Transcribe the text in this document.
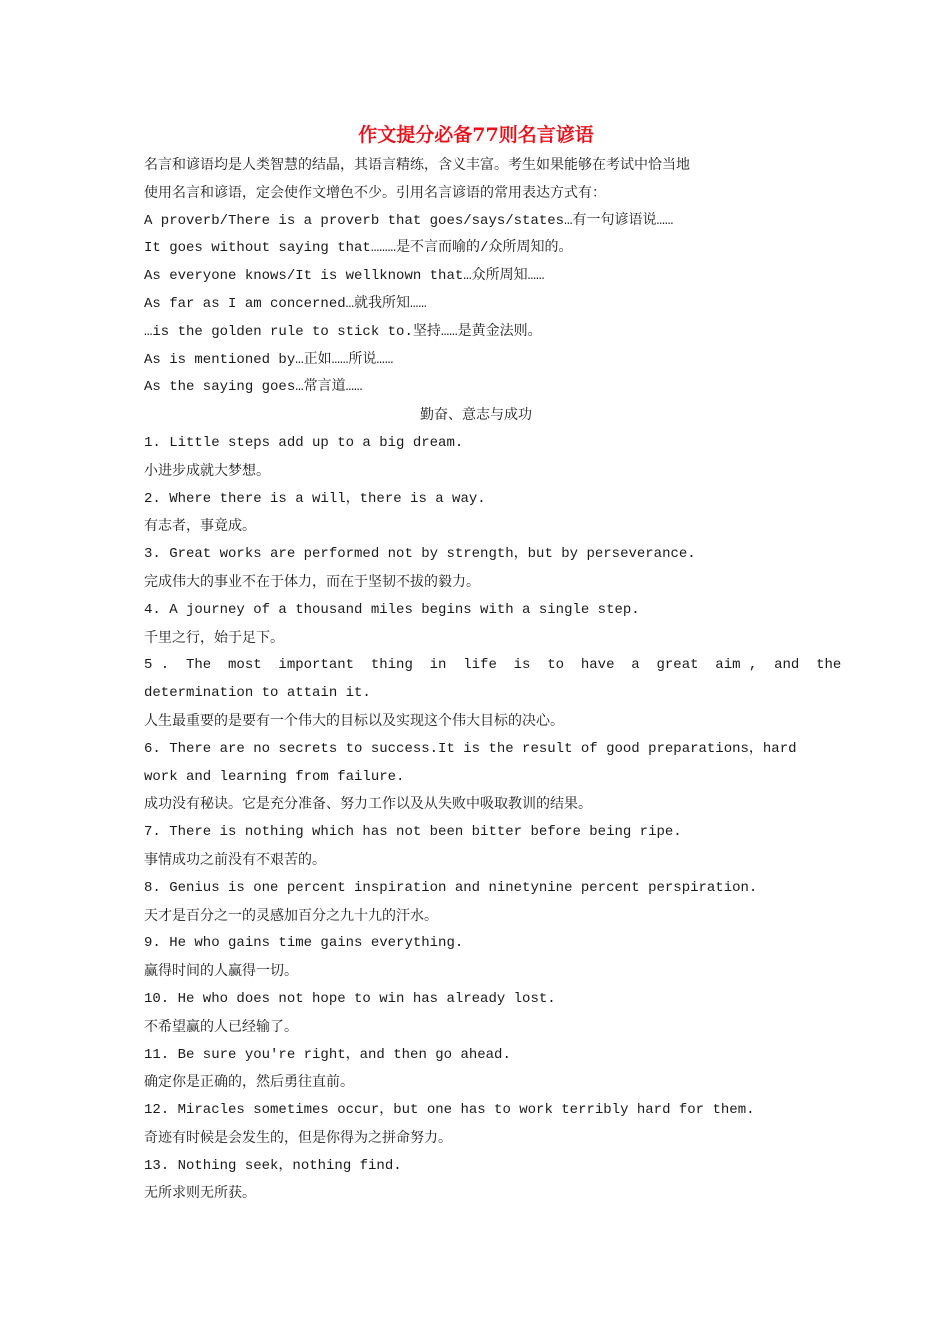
作文提分必备77则名言谚语
名言和谚语均是人类智慧的结晶，其语言精练，含义丰富。考生如果能够在考试中恰当地
使用名言和谚语，定会使作文增色不少。引用名言谚语的常用表达方式有：
A proverb/There is a proverb that goes/says/states…有一句谚语说……
It goes without saying that………是不言而喻的/众所周知的。
As everyone knows/It is wellknown that…众所周知……
As far as I am concerned…就我所知……
…is the golden rule to stick to.坚持……是黄金法则。
As is mentioned by…正如……所说……
As the saying goes…常言道……
勤奋、意志与成功
1. Little steps add up to a big dream.
小进步成就大梦想。
2. Where there is a will，there is a way.
有志者，事竟成。
3. Great works are performed not by strength，but by perseverance.
完成伟大的事业不在于体力，而在于坚韧不拔的毅力。
4. A journey of a thousand miles begins with a single step.
千里之行，始于足下。
5 .  The  most  important  thing  in  life  is  to  have  a  great  aim ,  and  the
determination to attain it.
人生最重要的是要有一个伟大的目标以及实现这个伟大目标的决心。
6. There are no secrets to success.It is the result of good preparations，hard
work and learning from failure.
成功没有秘诀。它是充分准备、努力工作以及从失败中吸取教训的结果。
7. There is nothing which has not been bitter before being ripe.
事情成功之前没有不艰苦的。
8. Genius is one percent inspiration and ninetynine percent perspiration.
天才是百分之一的灵感加百分之九十九的汗水。
9. He who gains time gains everything.
赢得时间的人赢得一切。
10. He who does not hope to win has already lost.
不希望赢的人已经输了。
11. Be sure you're right，and then go ahead.
确定你是正确的，然后勇往直前。
12. Miracles sometimes occur，but one has to work terribly hard for them.
奇迹有时候是会发生的，但是你得为之拼命努力。
13. Nothing seek，nothing find.
无所求则无所获。
